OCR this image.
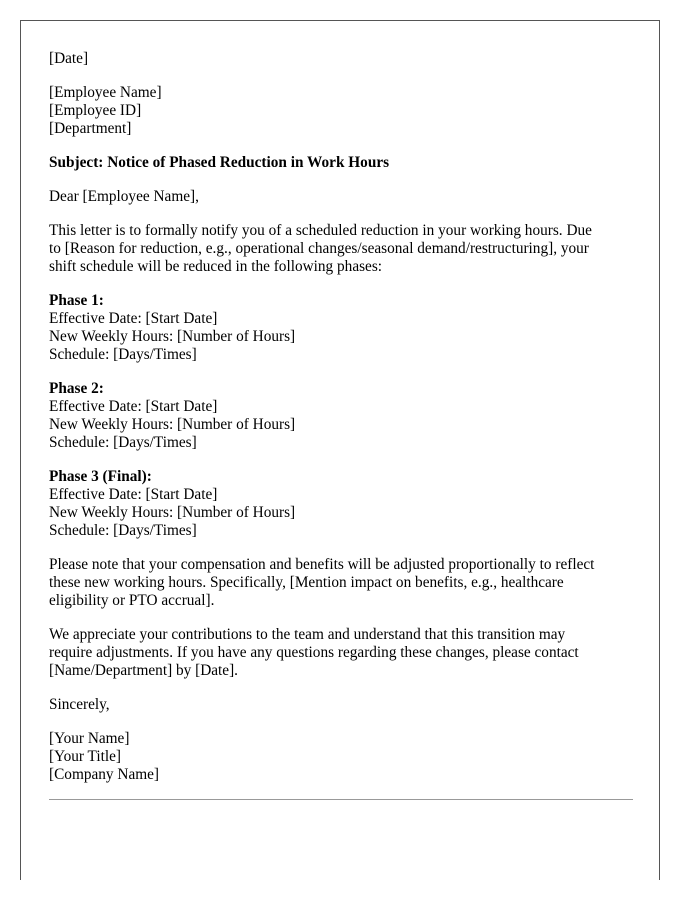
[Date]
[Employee Name]
[Employee ID]
[Department]
Subject: Notice of Phased Reduction in Work Hours
Dear [Employee Name],
This letter is to formally notify you of a scheduled reduction in your working hours. Due
to [Reason for reduction, e.g., operational changes/seasonal demand/restructuring], your
shift schedule will be reduced in the following phases:
Phase 1:
Effective Date: [Start Date]
New Weekly Hours: [Number of Hours]
Schedule: [Days/Times]
Phase 2:
Effective Date: [Start Date]
New Weekly Hours: [Number of Hours]
Schedule: [Days/Times]
Phase 3 (Final):
Effective Date: [Start Date]
New Weekly Hours: [Number of Hours]
Schedule: [Days/Times]
Please note that your compensation and benefits will be adjusted proportionally to reflect
these new working hours. Specifically, [Mention impact on benefits, e.g., healthcare
eligibility or PTO accrual].
We appreciate your contributions to the team and understand that this transition may
require adjustments. If you have any questions regarding these changes, please contact
[Name/Department] by [Date].
Sincerely,
[Your Name]
[Your Title]
[Company Name]
